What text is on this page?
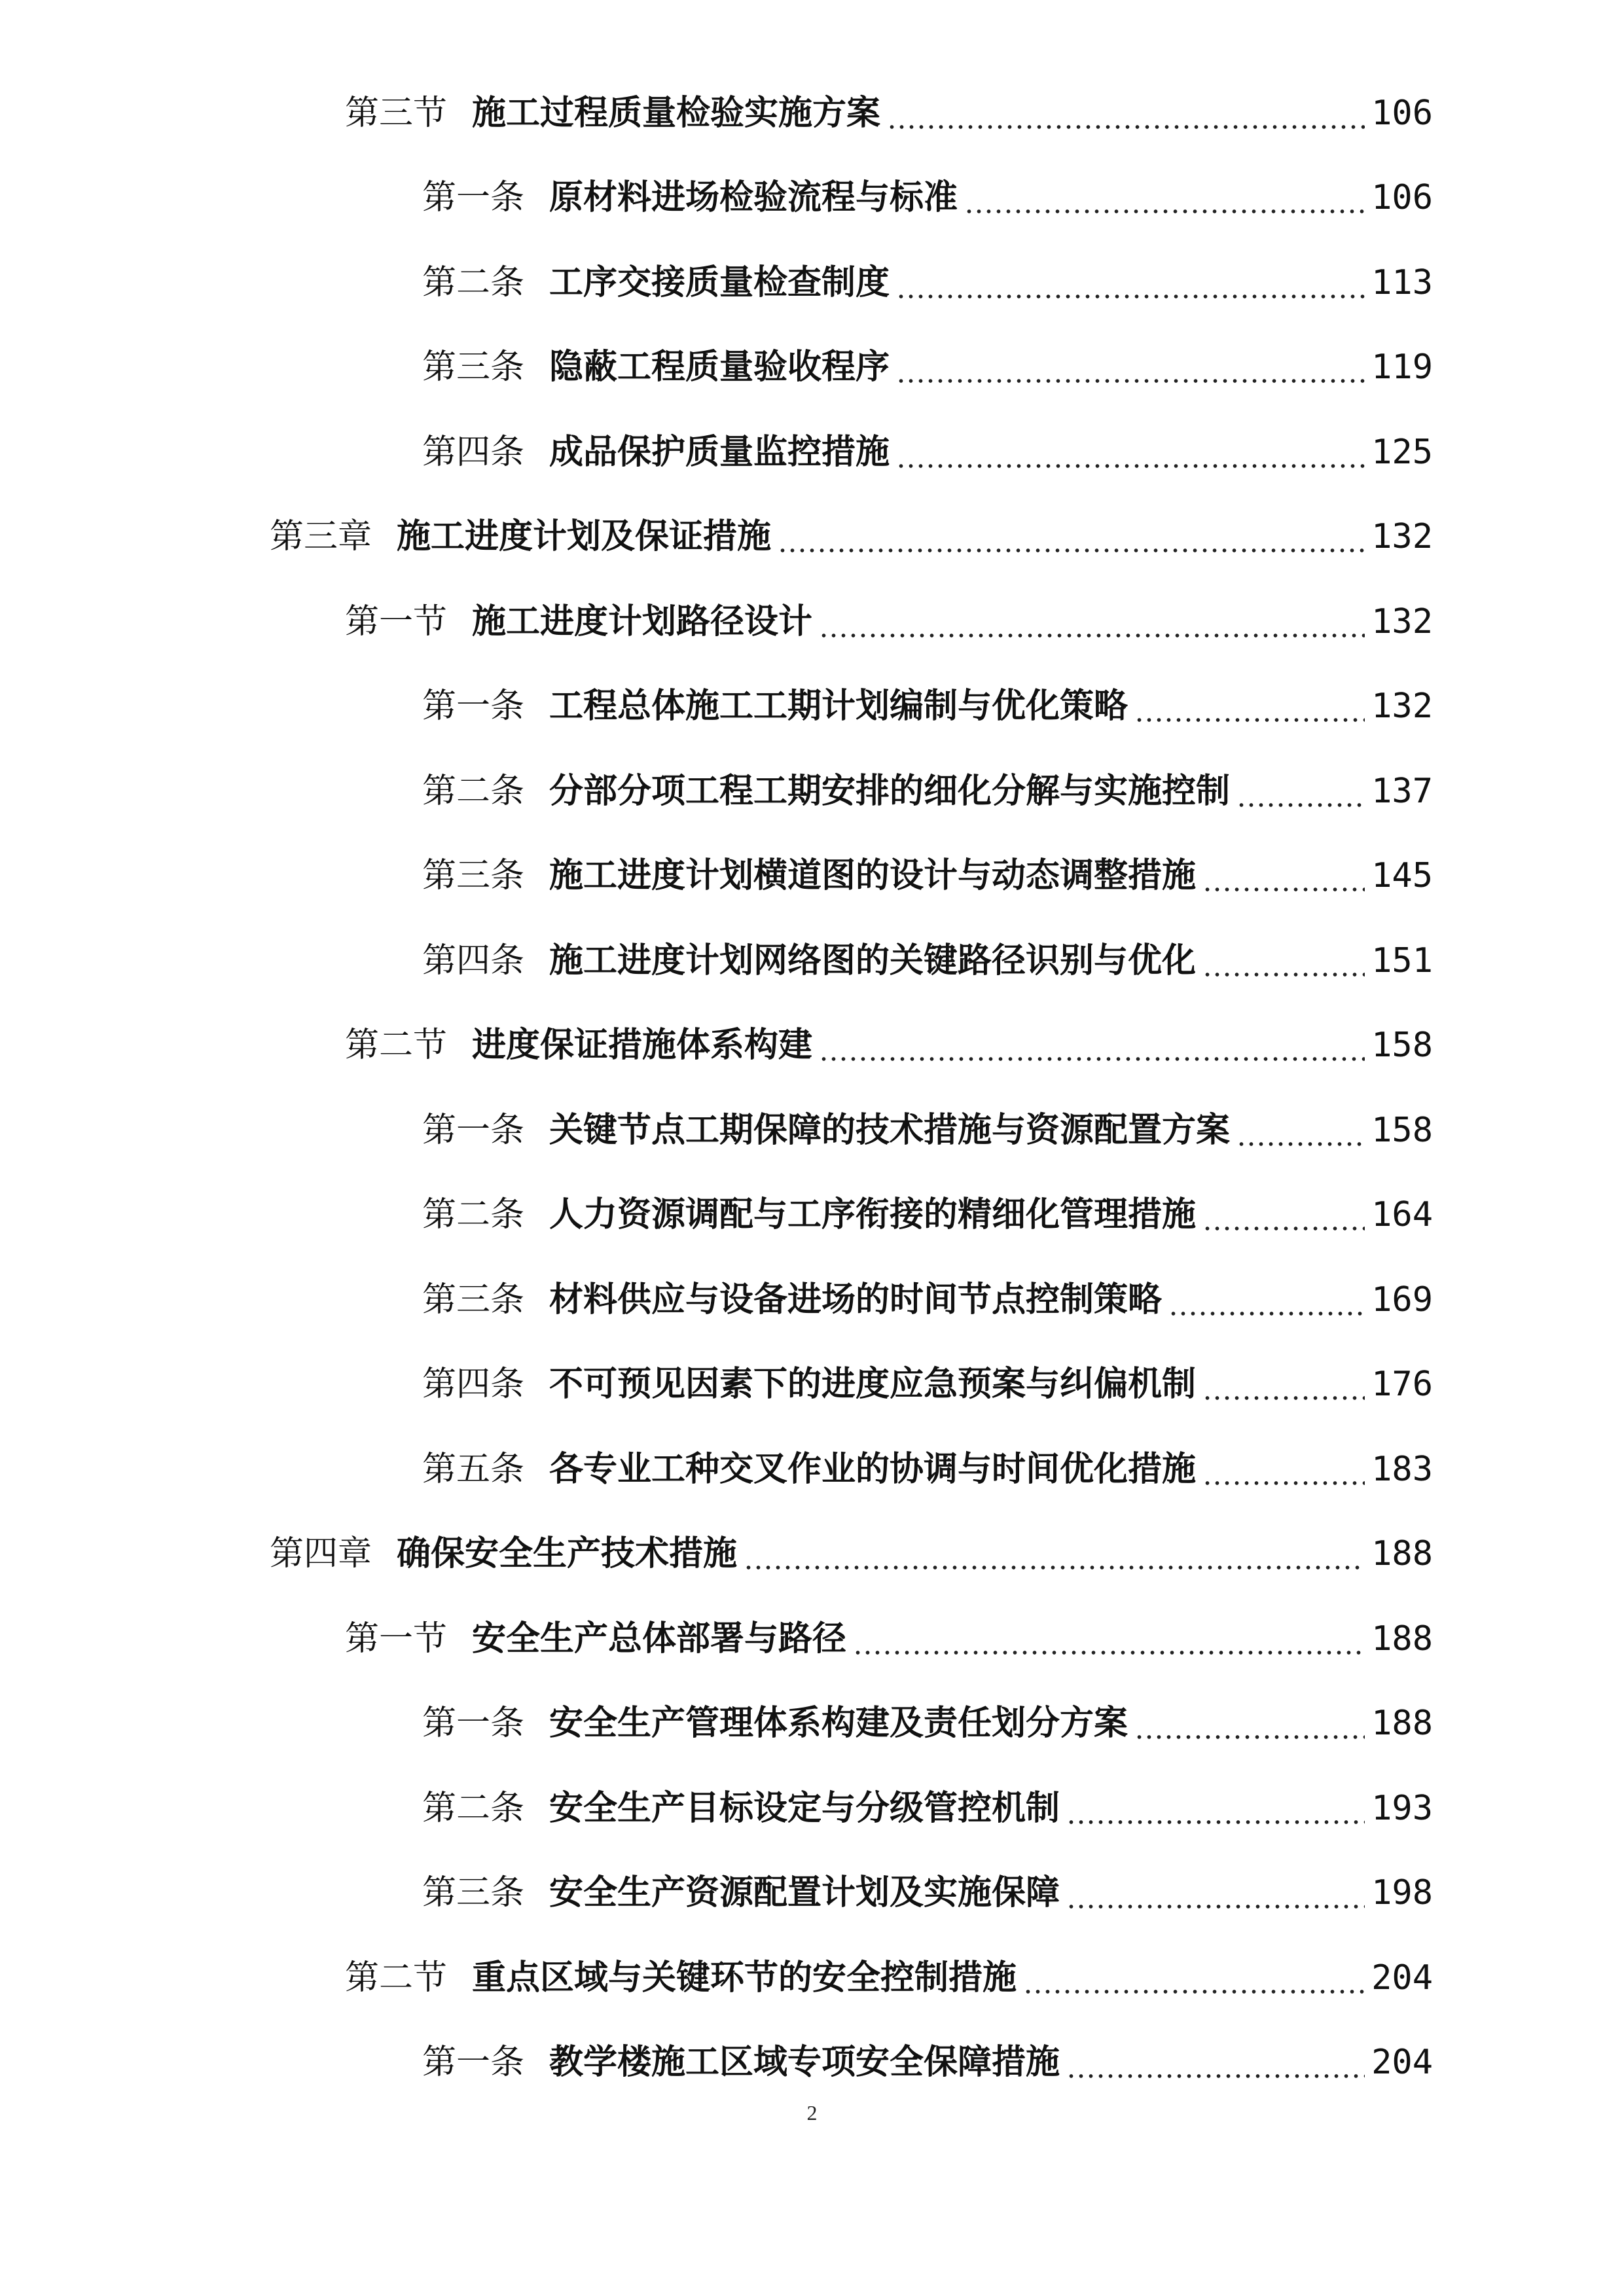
第三节 施工过程质量检验实施方案	106
第一条 原材料进场检验流程与标准	106
第二条 工序交接质量检查制度	113
第三条 隐蔽工程质量验收程序	119
第四条 成品保护质量监控措施	125
第三章 施工进度计划及保证措施	132
第一节 施工进度计划路径设计	132
第一条 工程总体施工工期计划编制与优化策略	132
第二条 分部分项工程工期安排的细化分解与实施控制	137
第三条 施工进度计划横道图的设计与动态调整措施	145
第四条 施工进度计划网络图的关键路径识别与优化	151
第二节 进度保证措施体系构建	158
第一条 关键节点工期保障的技术措施与资源配置方案	158
第二条 人力资源调配与工序衔接的精细化管理措施	164
第三条 材料供应与设备进场的时间节点控制策略	169
第四条 不可预见因素下的进度应急预案与纠偏机制	176
第五条 各专业工种交叉作业的协调与时间优化措施	183
第四章 确保安全生产技术措施	188
第一节 安全生产总体部署与路径	188
第一条 安全生产管理体系构建及责任划分方案	188
第二条 安全生产目标设定与分级管控机制	193
第三条 安全生产资源配置计划及实施保障	198
第二节 重点区域与关键环节的安全控制措施	204
第一条 教学楼施工区域专项安全保障措施	204
2
